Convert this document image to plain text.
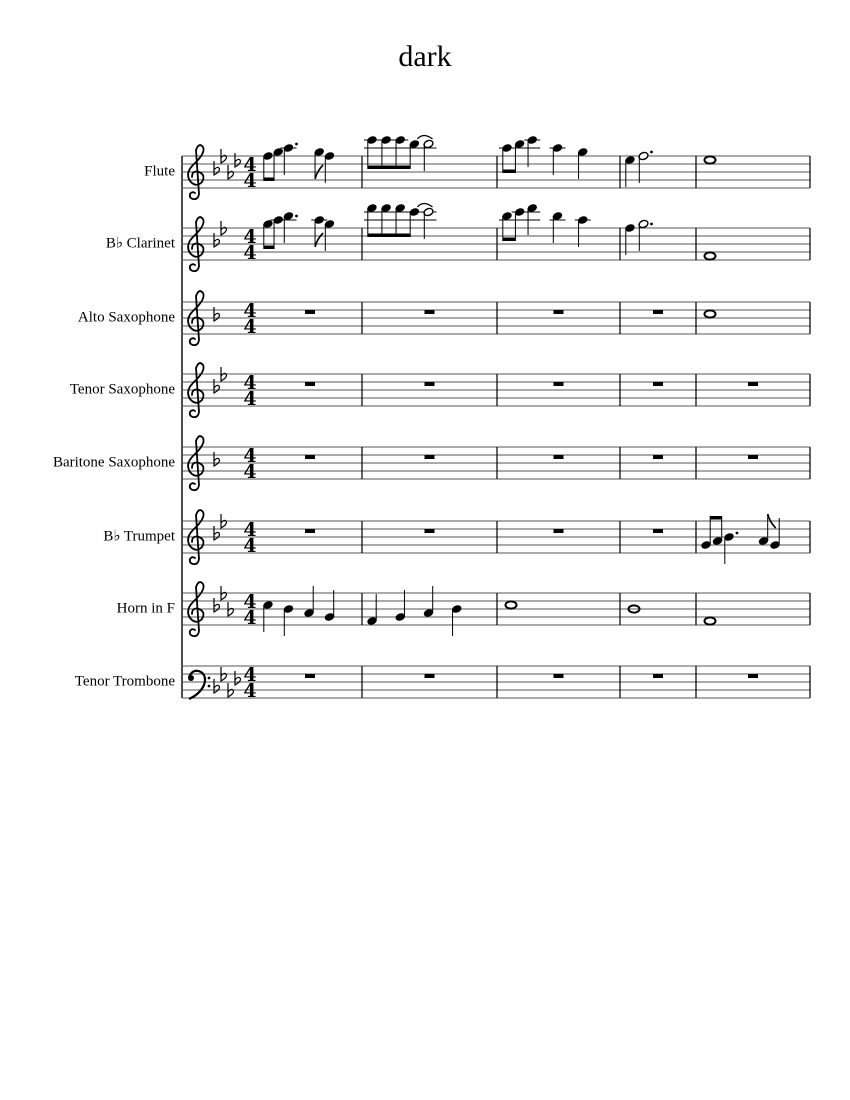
dark
Flute
B♭ Clarinet
Alto Saxophone
Tenor Saxophone
Baritone Saxophone
B♭ Trumpet
Horn in F
Tenor Trombone
4
4
4
4
4
4
4
4
4
4
4
4
4
4
4
4
